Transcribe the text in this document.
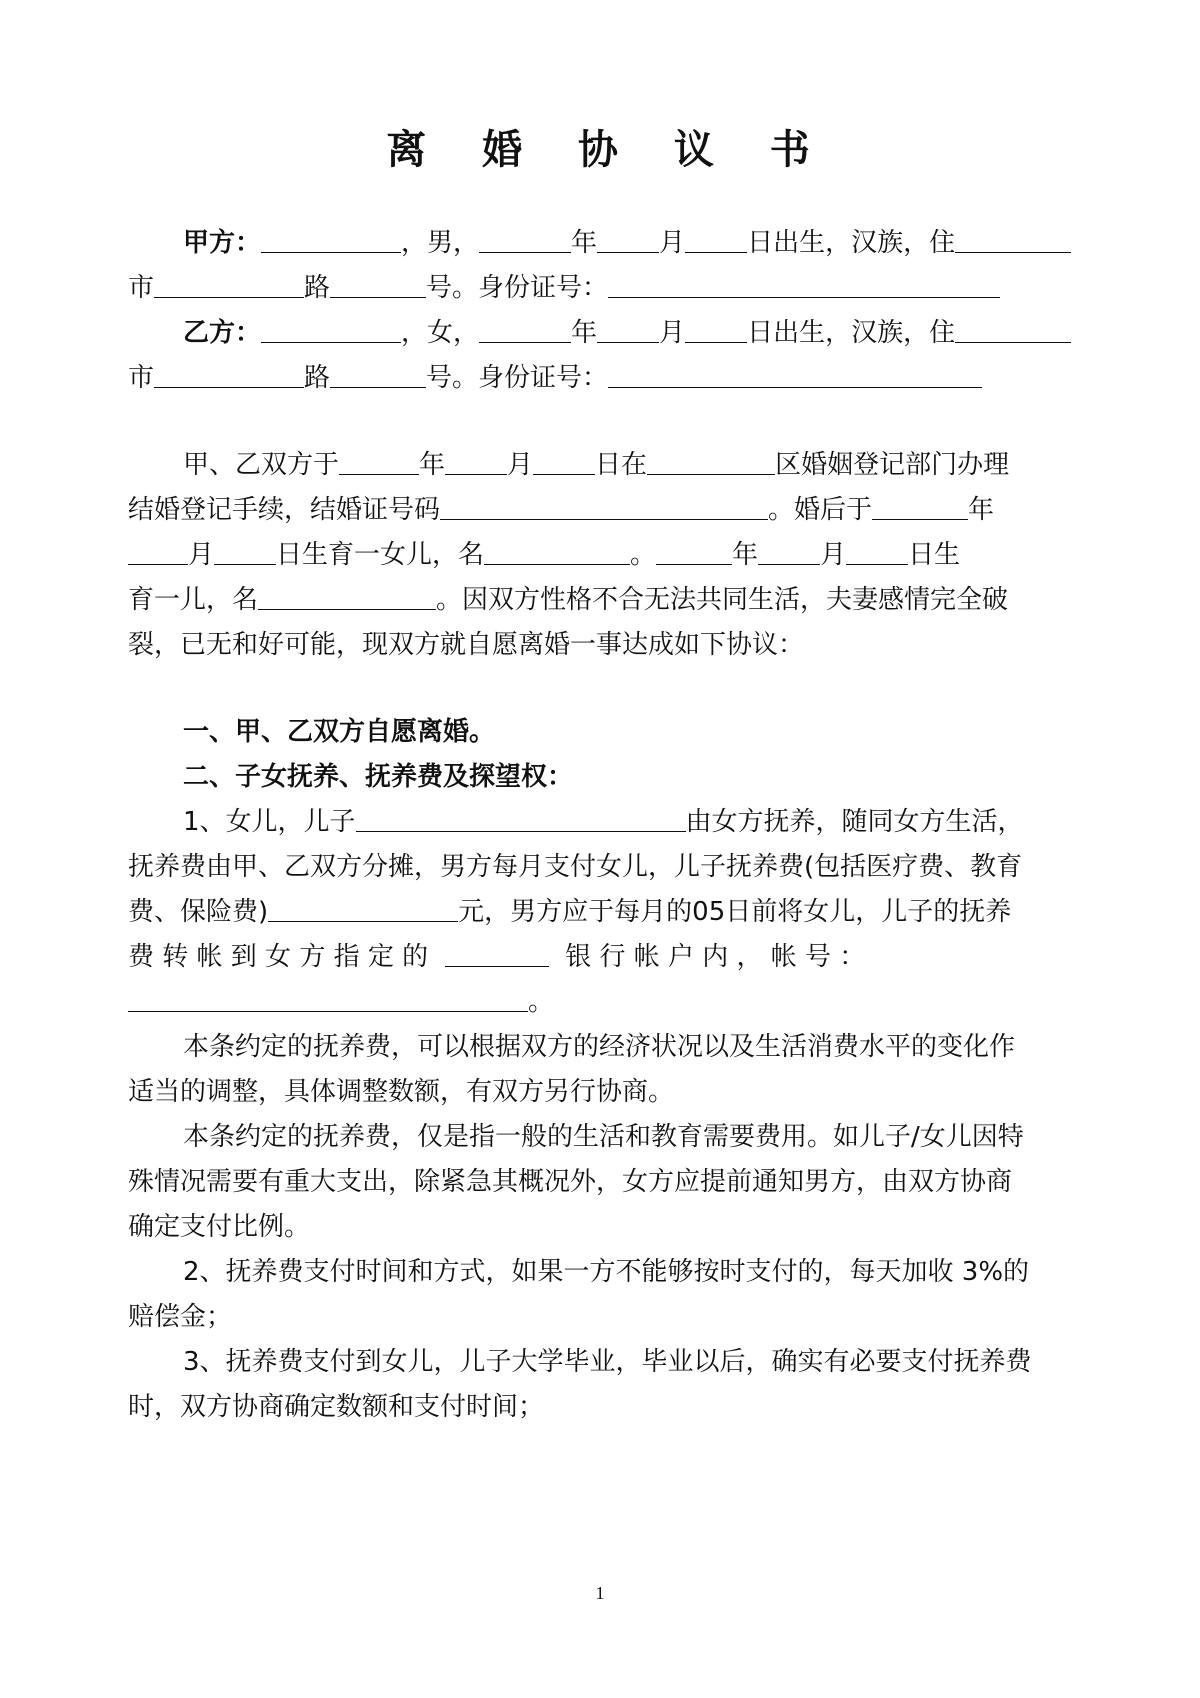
离  婚  协  议  书
甲方：	，男，	年 月 日出生，汉族，住
市	路	号。身份证号：
乙方：	，女，	年 月 日出生，汉族，住
市	路	号。身份证号：
甲、乙双方于	年 月 日在	区婚姻登记部门办理
结婚登记手续，结婚证号码	。婚后于	年
月 日生育一女儿，名	。	年 月 日生
育一儿，名	。因双方性格不合无法共同生活，夫妻感情完全破
裂，已无和好可能，现双方就自愿离婚一事达成如下协议：
一、甲、乙双方自愿离婚。
二、子女抚养、抚养费及探望权：
1、女儿，儿子	由女方抚养，随同女方生活，
抚养费由甲、乙双方分摊，男方每月支付女儿，儿子抚养费(包括医疗费、教育
费、保险费)	元，男方应于每月的05日前将女儿，儿子的抚养
费 转 帐 到 女 方 指 定 的	银 行 帐 户 内 ， 帐 号 ：
。
本条约定的抚养费，可以根据双方的经济状况以及生活消费水平的变化作
适当的调整，具体调整数额，有双方另行协商。
本条约定的抚养费，仅是指一般的生活和教育需要费用。如儿子/女儿因特
殊情况需要有重大支出，除紧急其概况外，女方应提前通知男方，由双方协商
确定支付比例。
2、抚养费支付时间和方式，如果一方不能够按时支付的，每天加收 3%的
赔偿金；
3、抚养费支付到女儿，儿子大学毕业，毕业以后，确实有必要支付抚养费
时，双方协商确定数额和支付时间；
1
